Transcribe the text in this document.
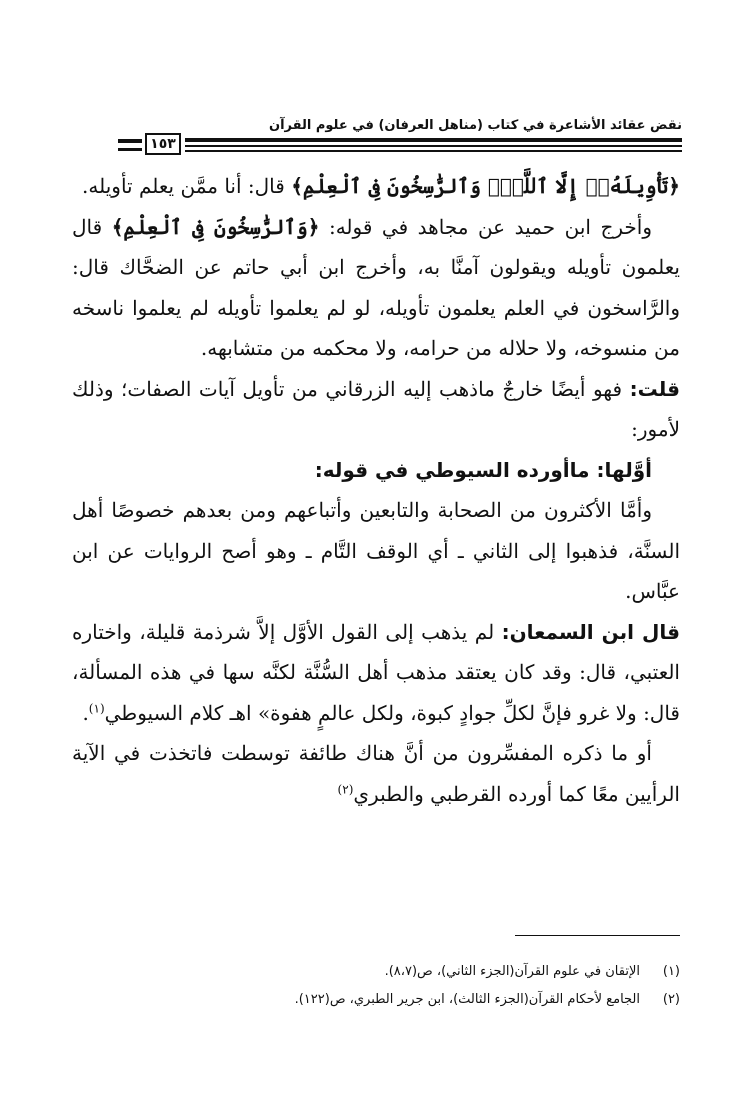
نقض عقائد الأشاعرة في كتاب (مناهل العرفان) في علوم القرآن
١٥٣

﴿تَأْوِيلَهُۥٓ إِلَّا ٱللَّهُۗ وَٱلرَّٰسِخُونَ فِى ٱلْعِلْمِ﴾ قال: أنا ممَّن يعلم تأويله.

وأخرج ابن حميد عن مجاهد في قوله: ﴿وَٱلرَّٰسِخُونَ فِى ٱلْعِلْمِ﴾ قال يعلمون تأويله ويقولون آمنَّا به، وأخرج ابن أبي حاتم عن الضحَّاك قال: والرَّاسخون في العلم يعلمون تأويله، لو لم يعلموا تأويله لم يعلموا ناسخه من منسوخه، ولا حلاله من حرامه، ولا محكمه من متشابهه.

قلت: فهو أيضًا خارجٌ ماذهب إليه الزرقاني من تأويل آيات الصفات؛ وذلك لأمور:

أوَّلها: ماأورده السيوطي في قوله:

وأمَّا الأكثرون من الصحابة والتابعين وأتباعهم ومن بعدهم خصوصًا أهل السنَّة، فذهبوا إلى الثاني ـ أي الوقف التَّام ـ وهو أصح الروايات عن ابن عبَّاس.

قال ابن السمعان: لم يذهب إلى القول الأوَّل إلاَّ شرذمة قليلة، واختاره العتبي، قال: وقد كان يعتقد مذهب أهل السُّنَّة لكنَّه سها في هذه المسألة، قال: ولا غرو فإنَّ لكلِّ جوادٍ كبوة، ولكل عالمٍ هفوة» اهـ كلام السيوطي$^{(١)}$.

أو ما ذكره المفسِّرون من أنَّ هناك طائفة توسطت فاتخذت في الآية الرأيين معًا كما أورده القرطبي والطبري$^{(٢)}$

(١)
الإتقان في علوم القرآن(الجزء الثاني)، ص(٨،٧).
(٢)
الجامع لأحكام القرآن(الجزء الثالث)، ابن جرير الطبري، ص(١٢٢).
